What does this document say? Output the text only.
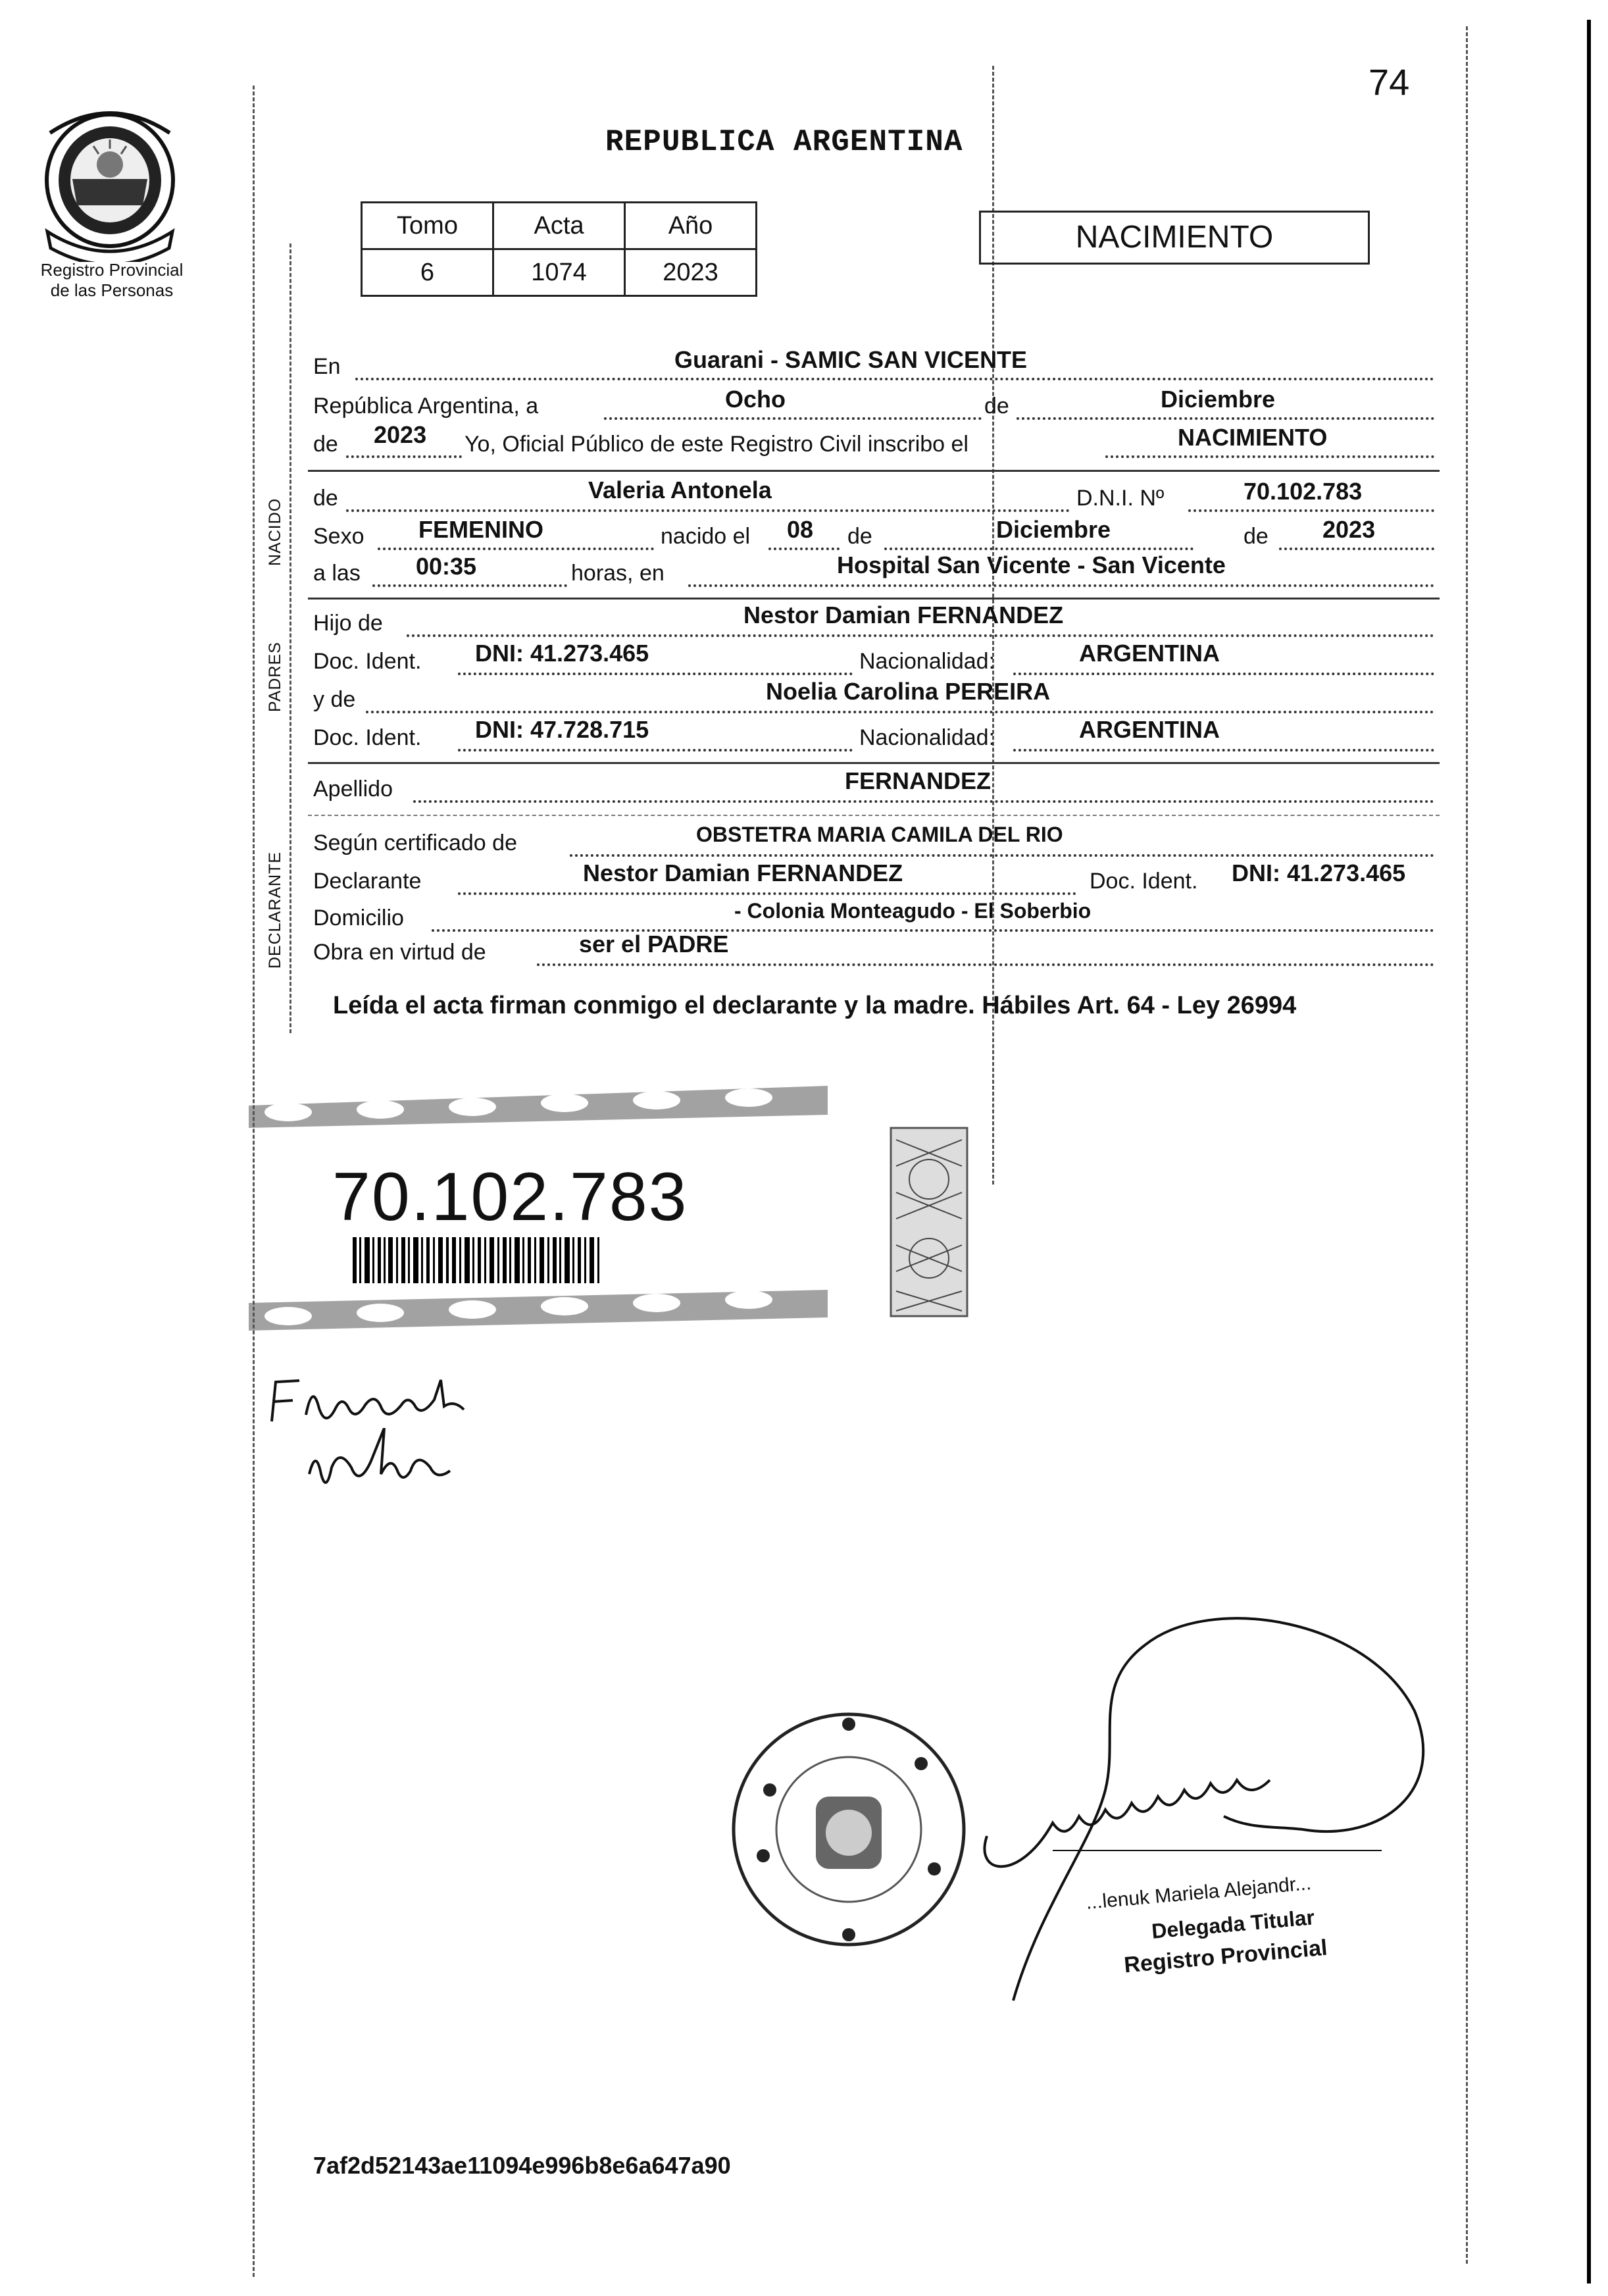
74
Registro Provincial
de las Personas
REPUBLICA ARGENTINA
Tomo	Acta	Año
6	1074	2023
NACIMIENTO
NACIDO
PADRES
DECLARANTE
En	Guarani - SAMIC SAN VICENTE
República Argentina, a	Ocho	de	Diciembre
de 2023 Yo, Oficial Público de este Registro Civil inscribo el	NACIMIENTO
de	Valeria Antonela	D.N.I. Nº	70.102.783
Sexo FEMENINO	nacido el 08 de	Diciembre	de 2023
a las 00:35	horas, en	Hospital San Vicente - San Vicente
Hijo de	Nestor Damian FERNANDEZ
Doc. Ident. DNI: 41.273.465	Nacionalidad:	ARGENTINA
y de	Noelia Carolina PEREIRA
Doc. Ident. DNI: 47.728.715	Nacionalidad:	ARGENTINA
Apellido	FERNANDEZ
Según certificado de	OBSTETRA MARIA CAMILA DEL RIO
Declarante	Nestor Damian FERNANDEZ	Doc. Ident. DNI: 41.273.465
Domicilio	- Colonia Monteagudo - El Soberbio
Obra en virtud de	ser el PADRE
Leída el acta firman conmigo el declarante y la madre. Hábiles Art. 64 - Ley 26994
70.102.783
...lenuk Mariela Alejandr...
Delegada Titular
Registro Provincial
7af2d52143ae11094e996b8e6a647a90
